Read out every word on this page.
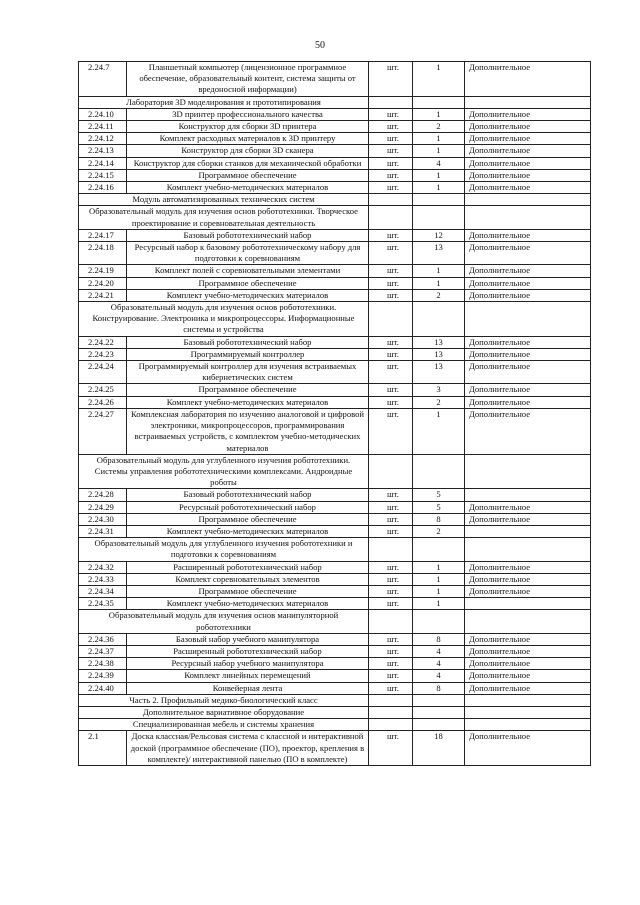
50
2.24.7	Планшетный компьютер (лицензионное программное обеспечение, образовательный контент, система защиты от вредоносной информации)	шт.	1	Дополнительное
Лаборатория 3D моделирования и прототипирования				
2.24.10	3D принтер профессионального качества	шт.	1	Дополнительное
2.24.11	Конструктор для сборки 3D принтера	шт.	2	Дополнительное
2.24.12	Комплект расходных материалов к 3D принтеру	шт.	1	Дополнительное
2.24.13	Конструктор для сборки 3D сканера	шт.	1	Дополнительное
2.24.14	Конструктор для сборки станков для механической обработки	шт.	4	Дополнительное
2.24.15	Программное обеспечение	шт.	1	Дополнительное
2.24.16	Комплект учебно-методических материалов	шт.	1	Дополнительное
Модуль автоматизированных технических систем				
Образовательный модуль для изучения основ робототехники. Творческое проектирование и соревновательная деятельность				
2.24.17	Базовый робототехнический набор	шт.	12	Дополнительное
2.24.18	Ресурсный набор к базовому робототехническому набору для подготовки к соревнованиям	шт.	13	Дополнительное
2.24.19	Комплект полей с соревновательными элементами	шт.	1	Дополнительное
2.24.20	Программное обеспечение	шт.	1	Дополнительное
2.24.21	Комплект учебно-методических материалов	шт.	2	Дополнительное
Образовательный модуль для изучения основ робототехники. Конструирование. Электроника и микропроцессоры. Информационные системы и устройства				
2.24.22	Базовый робототехнический набор	шт.	13	Дополнительное
2.24.23	Программируемый контроллер	шт.	13	Дополнительное
2.24.24	Программируемый контроллер для изучения встраиваемых кибернетических систем	шт.	13	Дополнительное
2.24.25	Программное обеспечение	шт.	3	Дополнительное
2.24.26	Комплект учебно-методических материалов	шт.	2	Дополнительное
2.24.27	Комплексная лаборатория по изучению аналоговой и цифровой электроники, микропроцессоров, программирования встраиваемых устройств, с комплектом учебно-методических материалов	шт.	1	Дополнительное
Образовательный модуль для углубленного изучения робототехники. Системы управления робототехническими комплексами. Андроидные роботы				
2.24.28	Базовый робототехнический набор	шт.	5	
2.24.29	Ресурсный робототехнический набор	шт.	5	Дополнительное
2.24.30	Программное обеспечение	шт.	8	Дополнительное
2.24.31	Комплект учебно-методических материалов	шт.	2	
Образовательный модуль для углубленного изучения робототехники и подготовки к соревнованиям				
2.24.32	Расширенный робототехнический набор	шт.	1	Дополнительное
2.24.33	Комплект соревновательных элементов	шт.	1	Дополнительное
2.24.34	Программное обеспечение	шт.	1	Дополнительное
2.24.35	Комплект учебно-методических материалов	шт.	1	
Образовательный модуль для изучения основ манипуляторной робототехники				
2.24.36	Базовый набор учебного манипулятора	шт.	8	Дополнительное
2.24.37	Расширенный робототехнический набор	шт.	4	Дополнительное
2.24.38	Ресурсный набор учебного манипулятора	шт.	4	Дополнительное
2.24.39	Комплект линейных перемещений	шт.	4	Дополнительное
2.24.40	Конвейерная лента	шт.	8	Дополнительное
Часть 2. Профильный медико-биологический класс				
Дополнительное вариативное оборудование				
Специализированная мебель и системы хранения				
2.1	Доска классная/Рельсовая система с классной и интерактивной доской (программное обеспечение (ПО), проектор, крепления в комплекте)/ интерактивной панелью (ПО в комплекте)	шт.	18	Дополнительное
